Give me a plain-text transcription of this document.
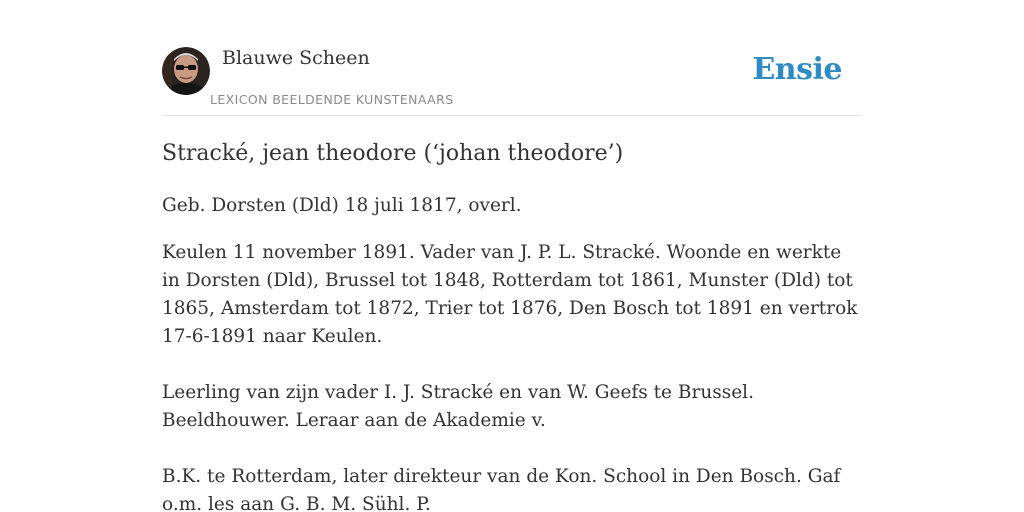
Blauwe Scheen
LEXICON BEELDENDE KUNSTENAARS
Ensie
Stracké, jean theodore (‘johan theodore’)

Geb. Dorsten (Dld) 18 juli 1817, overl.

Keulen 11 november 1891. Vader van J. P. L. Stracké. Woonde en werkte in Dorsten (Dld), Brussel tot 1848, Rotterdam tot 1861, Munster (Dld) tot 1865, Amsterdam tot 1872, Trier tot 1876, Den Bosch tot 1891 en vertrok 17-6-1891 naar Keulen.

Leerling van zijn vader I. J. Stracké en van W. Geefs te Brussel. Beeldhouwer. Leraar aan de Akademie v.

B.K. te Rotterdam, later direkteur van de Kon. School in Den Bosch. Gaf o.m. les aan G. B. M. Sühl. P.
